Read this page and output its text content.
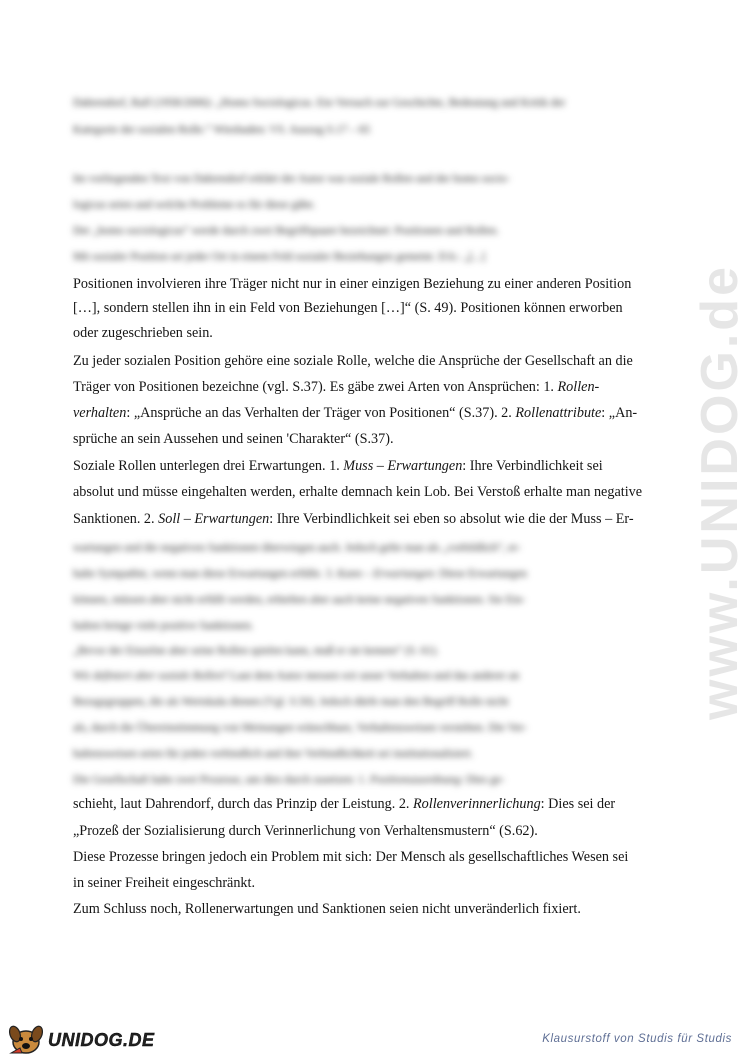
www.UNIDOG.de
Dahrendorf, Ralf (1958/2006): „Homo Sociologicus. Ein Versuch zur Geschichte, Bedeutung und Kritik der
Kategorie der sozialen Rolle.“ Wiesbaden: VS. Auszug S.17 – 65
Im vorliegenden Text von Dahrendorf erklärt der Autor was soziale Rollen und der homo socio-
logicus seien und welche Probleme es für diese gäbe.
Der „homo sociologicus“ werde durch zwei Begriffspaare bezeichnet: Positionen und Rollen.
Mit sozialer Position sei jeder Ort in einem Feld sozialer Beziehungen gemeint. D.h.: „[...]
Positionen involvieren ihre Träger nicht nur in einer einzigen Beziehung zu einer anderen Position
[…], sondern stellen ihn in ein Feld von Beziehungen […]“ (S. 49). Positionen können erworben
oder zugeschrieben sein.
Zu jeder sozialen Position gehöre eine soziale Rolle, welche die Ansprüche der Gesellschaft an die
Träger von Positionen bezeichne (vgl. S.37). Es gäbe zwei Arten von Ansprüchen: 1. Rollen-
verhalten: „Ansprüche an das Verhalten der Träger von Positionen“ (S.37). 2. Rollenattribute: „An-
sprüche an sein Aussehen und seinen 'Charakter“ (S.37).
Soziale Rollen unterlegen drei Erwartungen. 1. Muss – Erwartungen: Ihre Verbindlichkeit sei
absolut und müsse eingehalten werden, erhalte demnach kein Lob. Bei Verstoß erhalte man negative
Sanktionen. 2. Soll – Erwartungen: Ihre Verbindlichkeit sei eben so absolut wie die der Muss – Er-
wartungen und die negativen Sanktionen überwiegen auch. Jedoch gelte man als „vorbildlich“, er-
halte Sympathie, wenn man diese Erwartungen erfülle. 3. Kann – Erwartungen: Diese Erwartungen
können, müssen aber nicht erfüllt werden, erhielten aber auch keine negativen Sanktionen. Sie Ein-
halten bringe viele positive Sanktionen.
„Bevor der Einzelne aber seine Rollen spielen kann, muß er sie kennen“ (S. 61).
Wir definiert aber soziale Rollen? Laut dem Autor messen wir unser Verhalten und das anderer an
Bezugsgruppen, die als Wertskala dienen (Vgl. S.50). Jedoch dürfe man den Begriff Rolle nicht
als, durch die Übereinstimmung von Meinungen wünschbare, Verhaltensweisen verstehen. Die Ver-
haltensweisen seien für jeden verbindlich und ihre Verbindlichkeit sei institutionalisiert.
Die Gesellschaft habe zwei Prozesse, um dies durch zusetzen: 1. Positionszuordnung: Dies ge-
schieht, laut Dahrendorf, durch das Prinzip der Leistung. 2. Rollenverinnerlichung: Dies sei der
„Prozeß der Sozialisierung durch Verinnerlichung von Verhaltensmustern“ (S.62).
Diese Prozesse bringen jedoch ein Problem mit sich: Der Mensch als gesellschaftliches Wesen sei
in seiner Freiheit eingeschränkt.
Zum Schluss noch, Rollenerwartungen und Sanktionen seien nicht unveränderlich fixiert.
UNIDOG.DE	Klausurstoff von Studis für Studis
